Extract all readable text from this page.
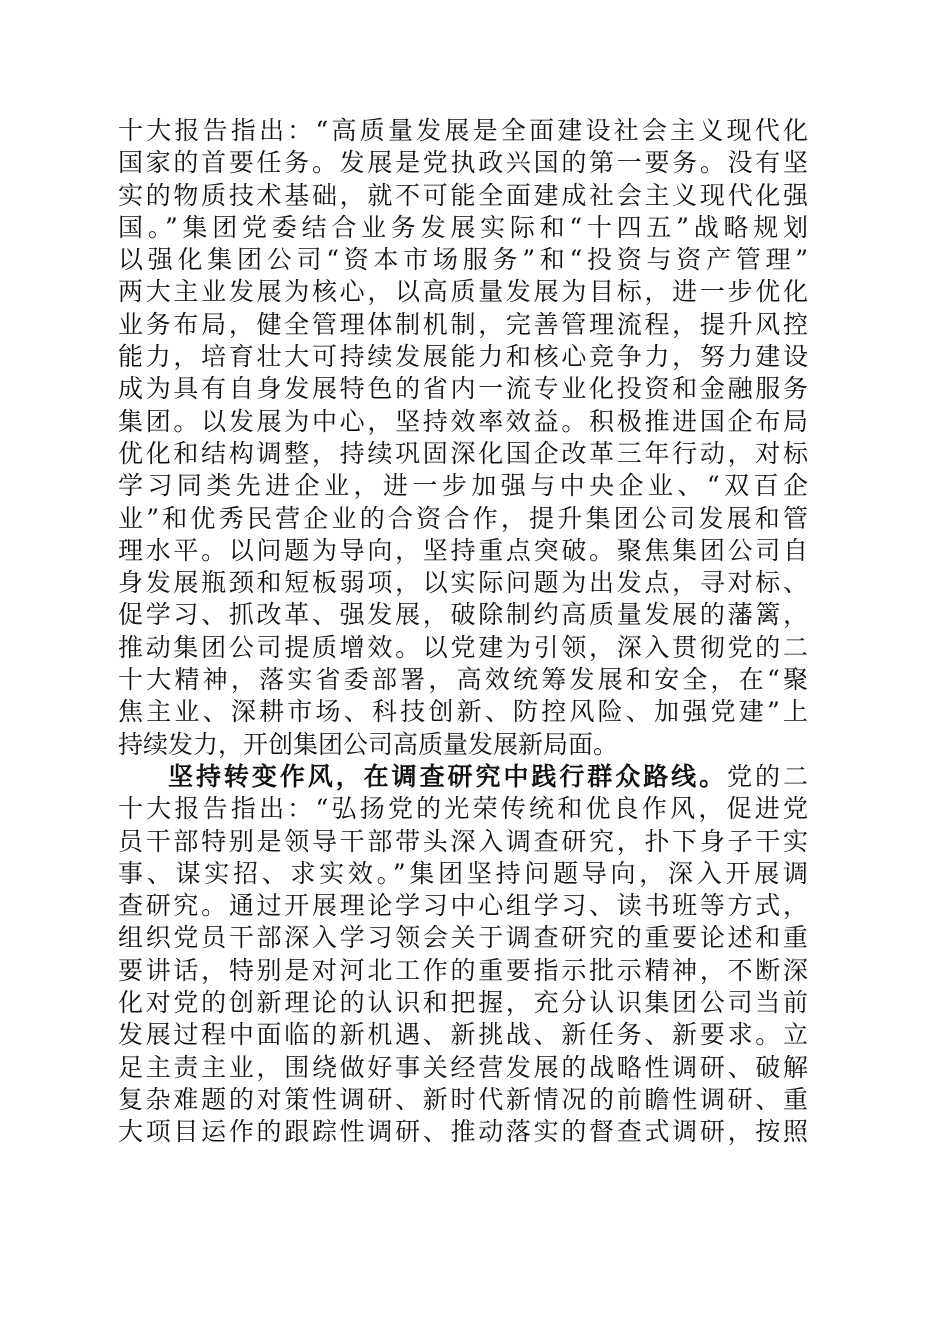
十大报告指出：“高质量发展是全面建设社会主义现代化
国家的首要任务。发展是党执政兴国的第一要务。没有坚
实的物质技术基础，就不可能全面建成社会主义现代化强
国。”集团党委结合业务发展实际和“十四五”战略规划
以强化集团公司“资本市场服务”和“投资与资产管理”
两大主业发展为核心，以高质量发展为目标，进一步优化
业务布局，健全管理体制机制，完善管理流程，提升风控
能力，培育壮大可持续发展能力和核心竞争力，努力建设
成为具有自身发展特色的省内一流专业化投资和金融服务
集团。以发展为中心，坚持效率效益。积极推进国企布局
优化和结构调整，持续巩固深化国企改革三年行动，对标
学习同类先进企业，进一步加强与中央企业、“双百企
业”和优秀民营企业的合资合作，提升集团公司发展和管
理水平。以问题为导向，坚持重点突破。聚焦集团公司自
身发展瓶颈和短板弱项，以实际问题为出发点，寻对标、
促学习、抓改革、强发展，破除制约高质量发展的藩篱，
推动集团公司提质增效。以党建为引领，深入贯彻党的二
十大精神，落实省委部署，高效统筹发展和安全，在“聚
焦主业、深耕市场、科技创新、防控风险、加强党建”上
持续发力，开创集团公司高质量发展新局面。
坚持转变作风，在调查研究中践行群众路线。党的二
十大报告指出：“弘扬党的光荣传统和优良作风，促进党
员干部特别是领导干部带头深入调查研究，扑下身子干实
事、谋实招、求实效。”集团坚持问题导向，深入开展调
查研究。通过开展理论学习中心组学习、读书班等方式，
组织党员干部深入学习领会关于调查研究的重要论述和重
要讲话，特别是对河北工作的重要指示批示精神，不断深
化对党的创新理论的认识和把握，充分认识集团公司当前
发展过程中面临的新机遇、新挑战、新任务、新要求。立
足主责主业，围绕做好事关经营发展的战略性调研、破解
复杂难题的对策性调研、新时代新情况的前瞻性调研、重
大项目运作的跟踪性调研、推动落实的督查式调研，按照
